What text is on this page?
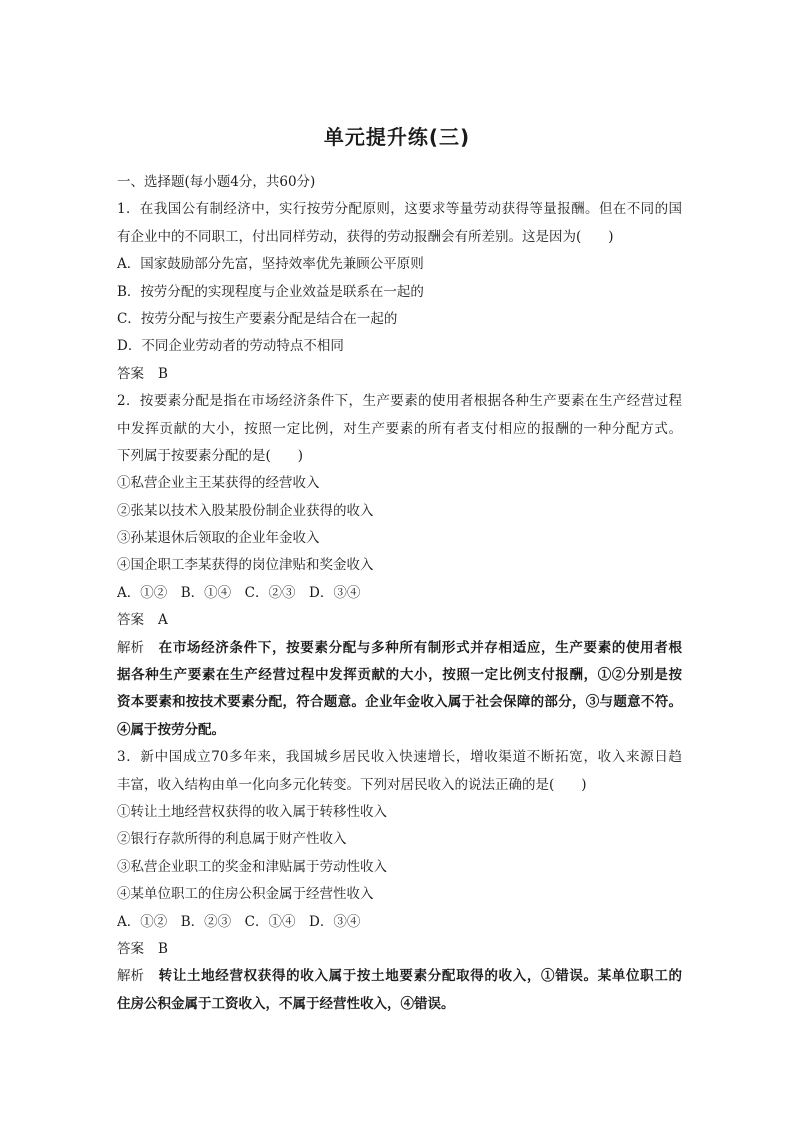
单元提升练(三)
一、选择题(每小题4分，共60分)
1．在我国公有制经济中，实行按劳分配原则，这要求等量劳动获得等量报酬。但在不同的国
有企业中的不同职工，付出同样劳动，获得的劳动报酬会有所差别。这是因为(　　)
A．国家鼓励部分先富，坚持效率优先兼顾公平原则
B．按劳分配的实现程度与企业效益是联系在一起的
C．按劳分配与按生产要素分配是结合在一起的
D．不同企业劳动者的劳动特点不相同
答案 B
2．按要素分配是指在市场经济条件下，生产要素的使用者根据各种生产要素在生产经营过程
中发挥贡献的大小，按照一定比例，对生产要素的所有者支付相应的报酬的一种分配方式。
下列属于按要素分配的是(　　)
①私营企业主王某获得的经营收入
②张某以技术入股某股份制企业获得的收入
③孙某退休后领取的企业年金收入
④国企职工李某获得的岗位津贴和奖金收入
A．①②　B．①④　C．②③　D．③④
答案 A
解析 在市场经济条件下，按要素分配与多种所有制形式并存相适应，生产要素的使用者根
据各种生产要素在生产经营过程中发挥贡献的大小，按照一定比例支付报酬，①②分别是按
资本要素和按技术要素分配，符合题意。企业年金收入属于社会保障的部分，③与题意不符。
④属于按劳分配。
3．新中国成立70多年来，我国城乡居民收入快速增长，增收渠道不断拓宽，收入来源日趋
丰富，收入结构由单一化向多元化转变。下列对居民收入的说法正确的是(　　)
①转让土地经营权获得的收入属于转移性收入
②银行存款所得的利息属于财产性收入
③私营企业职工的奖金和津贴属于劳动性收入
④某单位职工的住房公积金属于经营性收入
A．①②　B．②③　C．①④　D．③④
答案 B
解析 转让土地经营权获得的收入属于按土地要素分配取得的收入，①错误。某单位职工的
住房公积金属于工资收入，不属于经营性收入，④错误。
